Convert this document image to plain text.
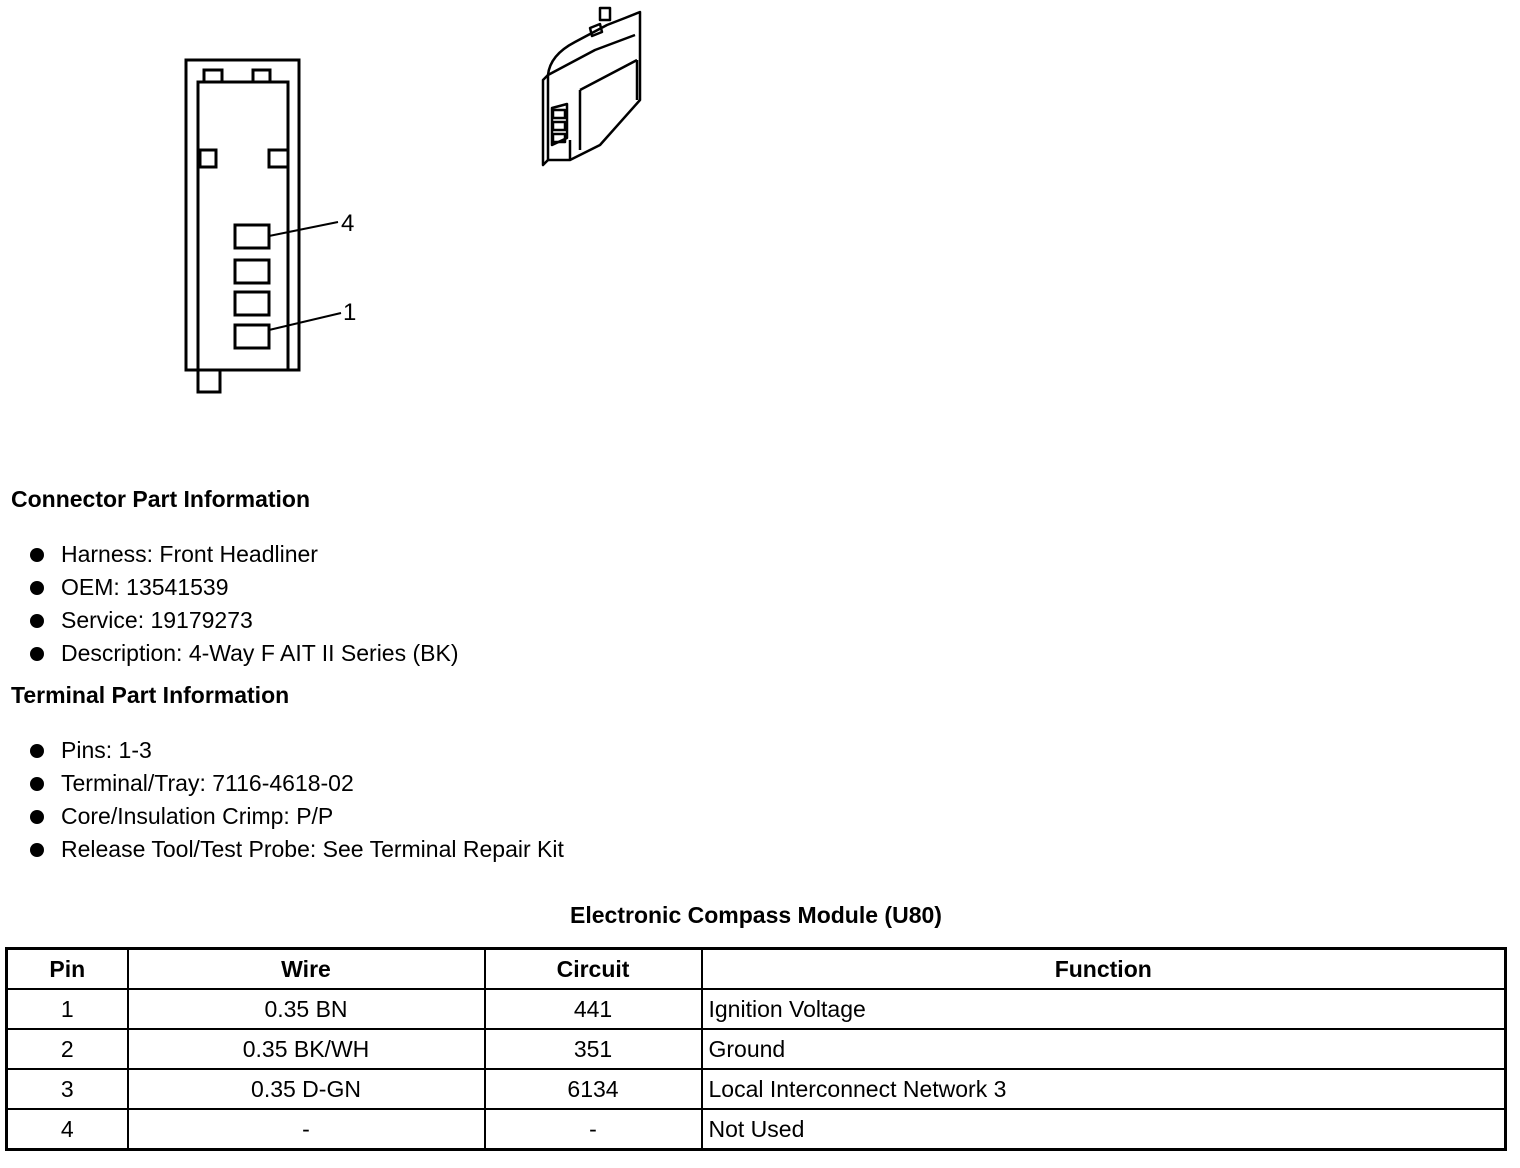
4
1
Connector Part Information
Harness: Front Headliner
OEM: 13541539
Service: 19179273
Description: 4-Way F AIT II Series (BK)
Terminal Part Information
Pins: 1-3
Terminal/Tray: 7116-4618-02
Core/Insulation Crimp: P/P
Release Tool/Test Probe: See Terminal Repair Kit
Electronic Compass Module (U80)
Pin	Wire	Circuit	Function
1	0.35 BN	441	Ignition Voltage
2	0.35 BK/WH	351	Ground
3	0.35 D-GN	6134	Local Interconnect Network 3
4	-	-	Not Used
